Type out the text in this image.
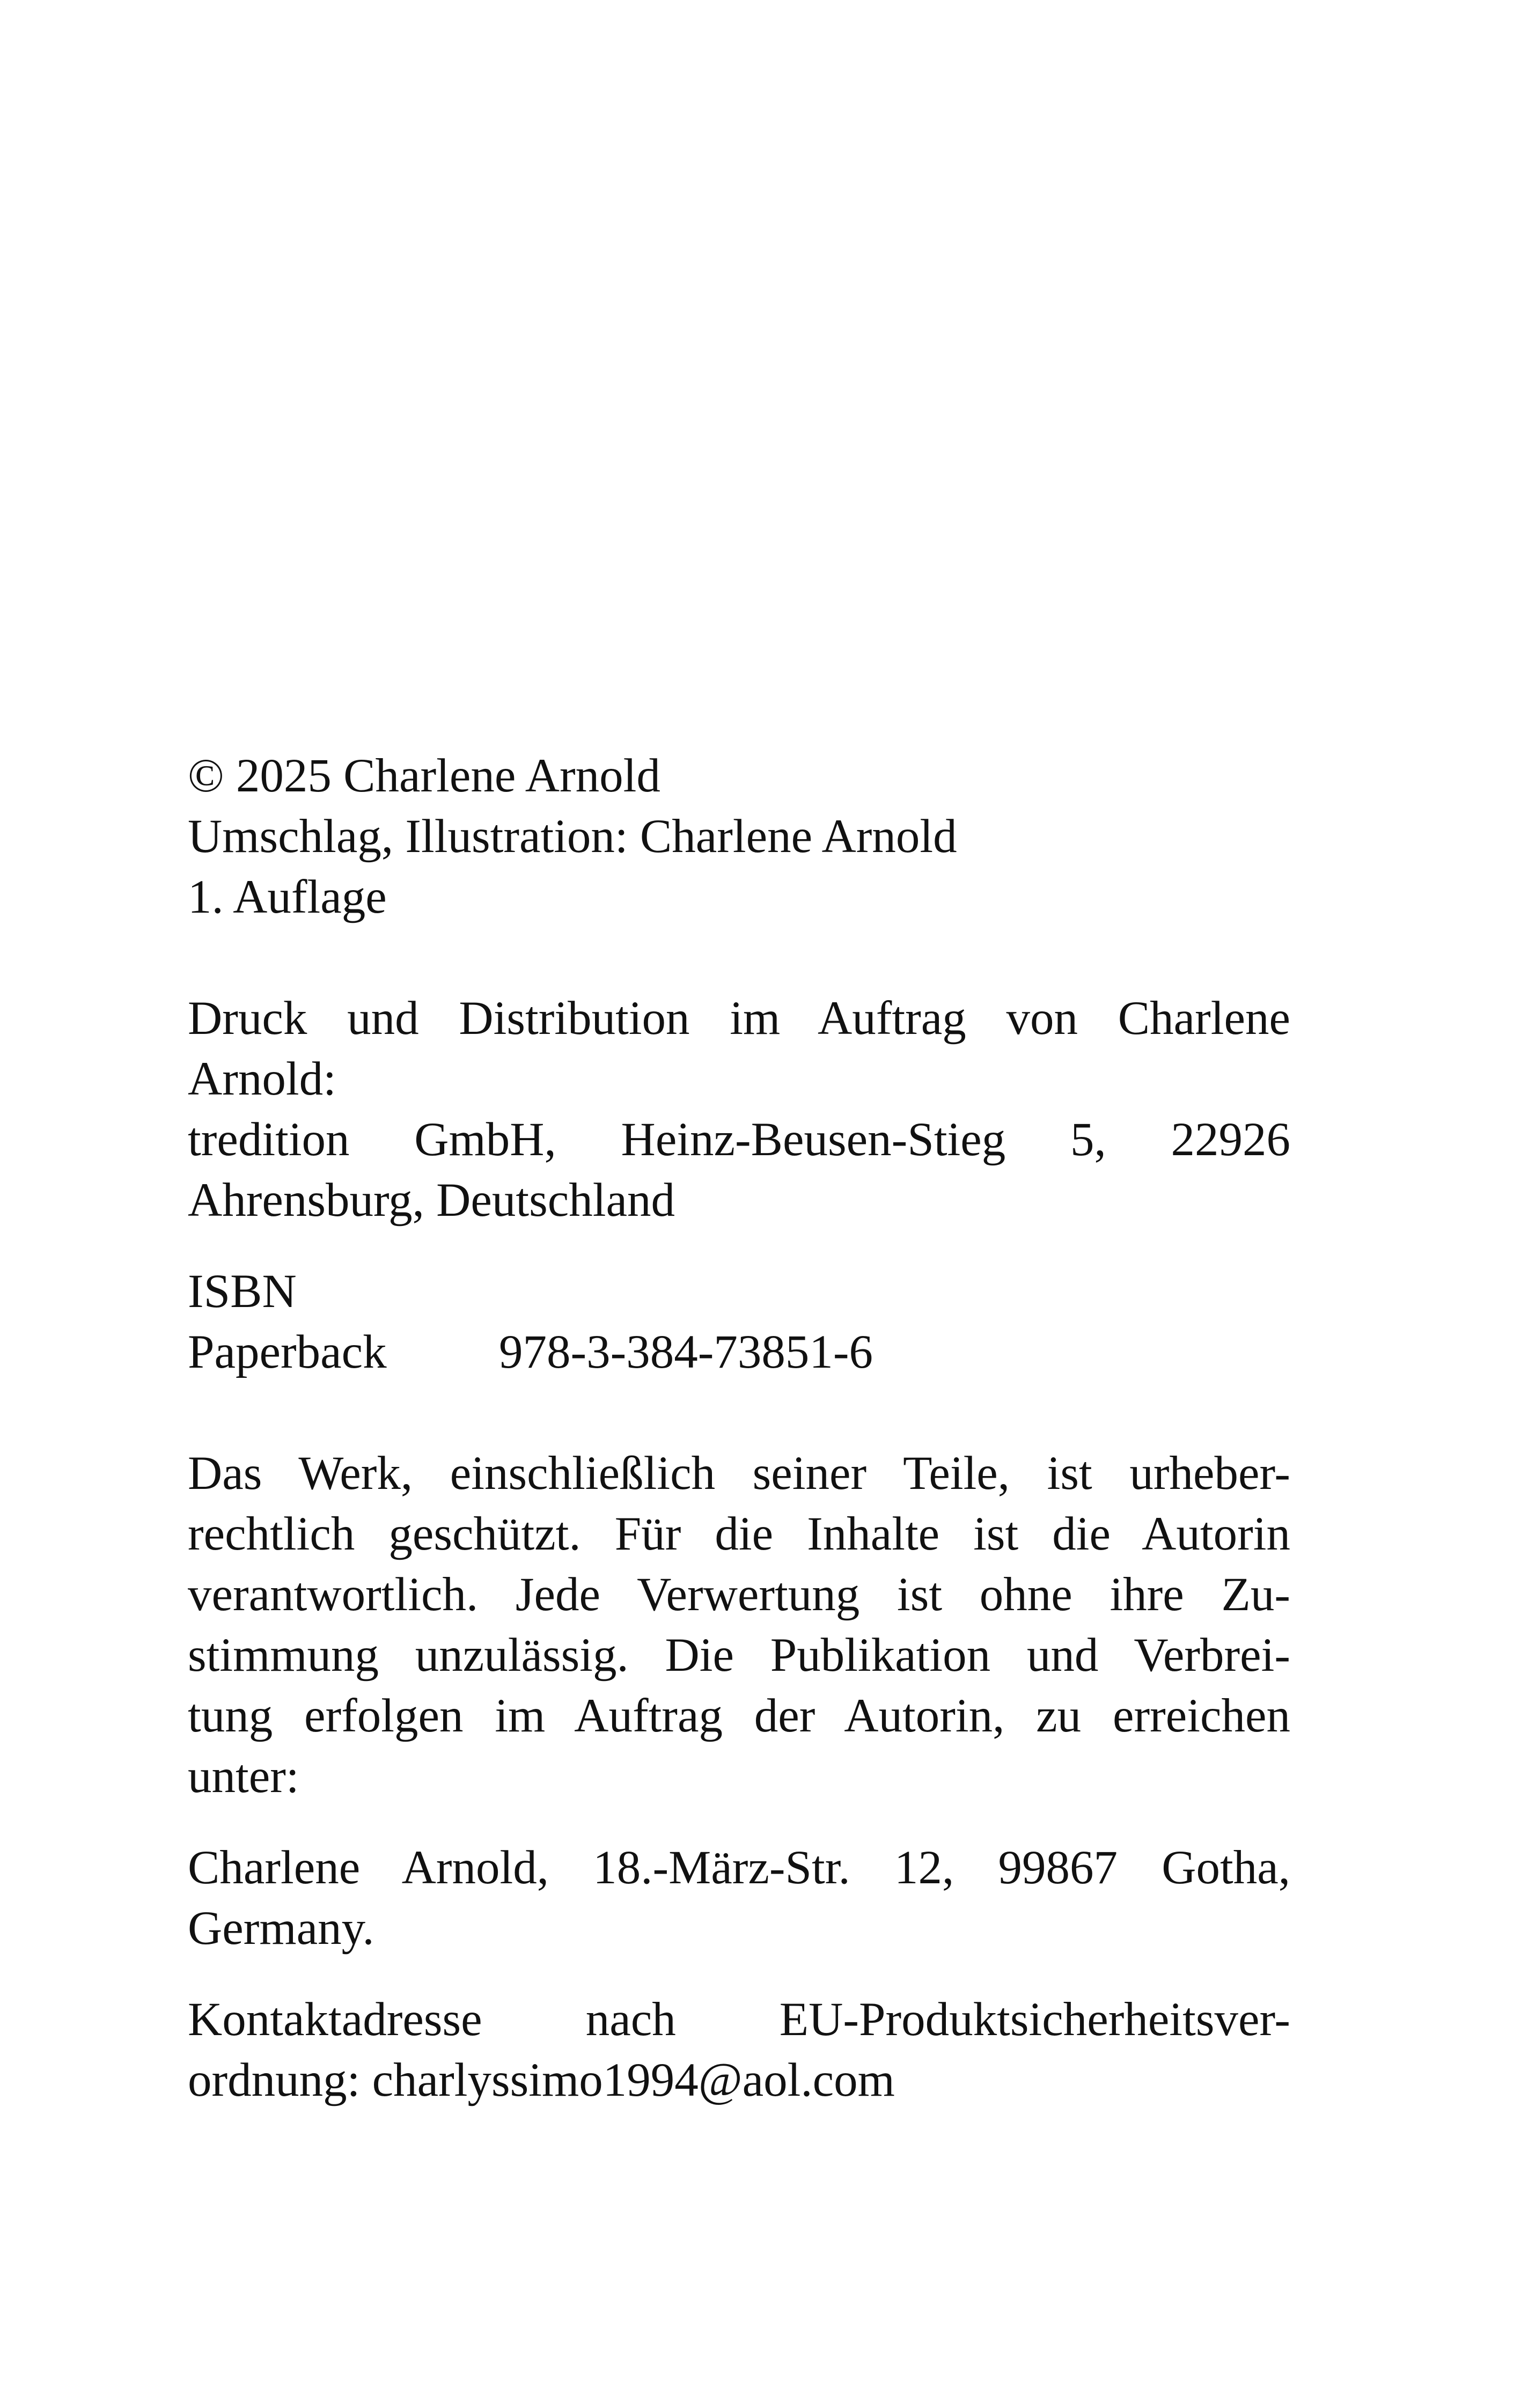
© 2025 Charlene Arnold
Umschlag, Illustration: Charlene Arnold
1. Auflage
Druck und Distribution im Auftrag von Charlene
Arnold:
tredition GmbH, Heinz-Beusen-Stieg 5, 22926
Ahrensburg, Deutschland
ISBN
Paperback 978-3-384-73851-6
Das Werk, einschließlich seiner Teile, ist urheber-
rechtlich geschützt. Für die Inhalte ist die Autorin
verantwortlich. Jede Verwertung ist ohne ihre Zu-
stimmung unzulässig. Die Publikation und Verbrei-
tung erfolgen im Auftrag der Autorin, zu erreichen
unter:
Charlene Arnold, 18.-März-Str. 12, 99867 Gotha,
Germany.
Kontaktadresse nach EU-Produktsicherheitsver-
ordnung: charlyssimo1994@aol.com
